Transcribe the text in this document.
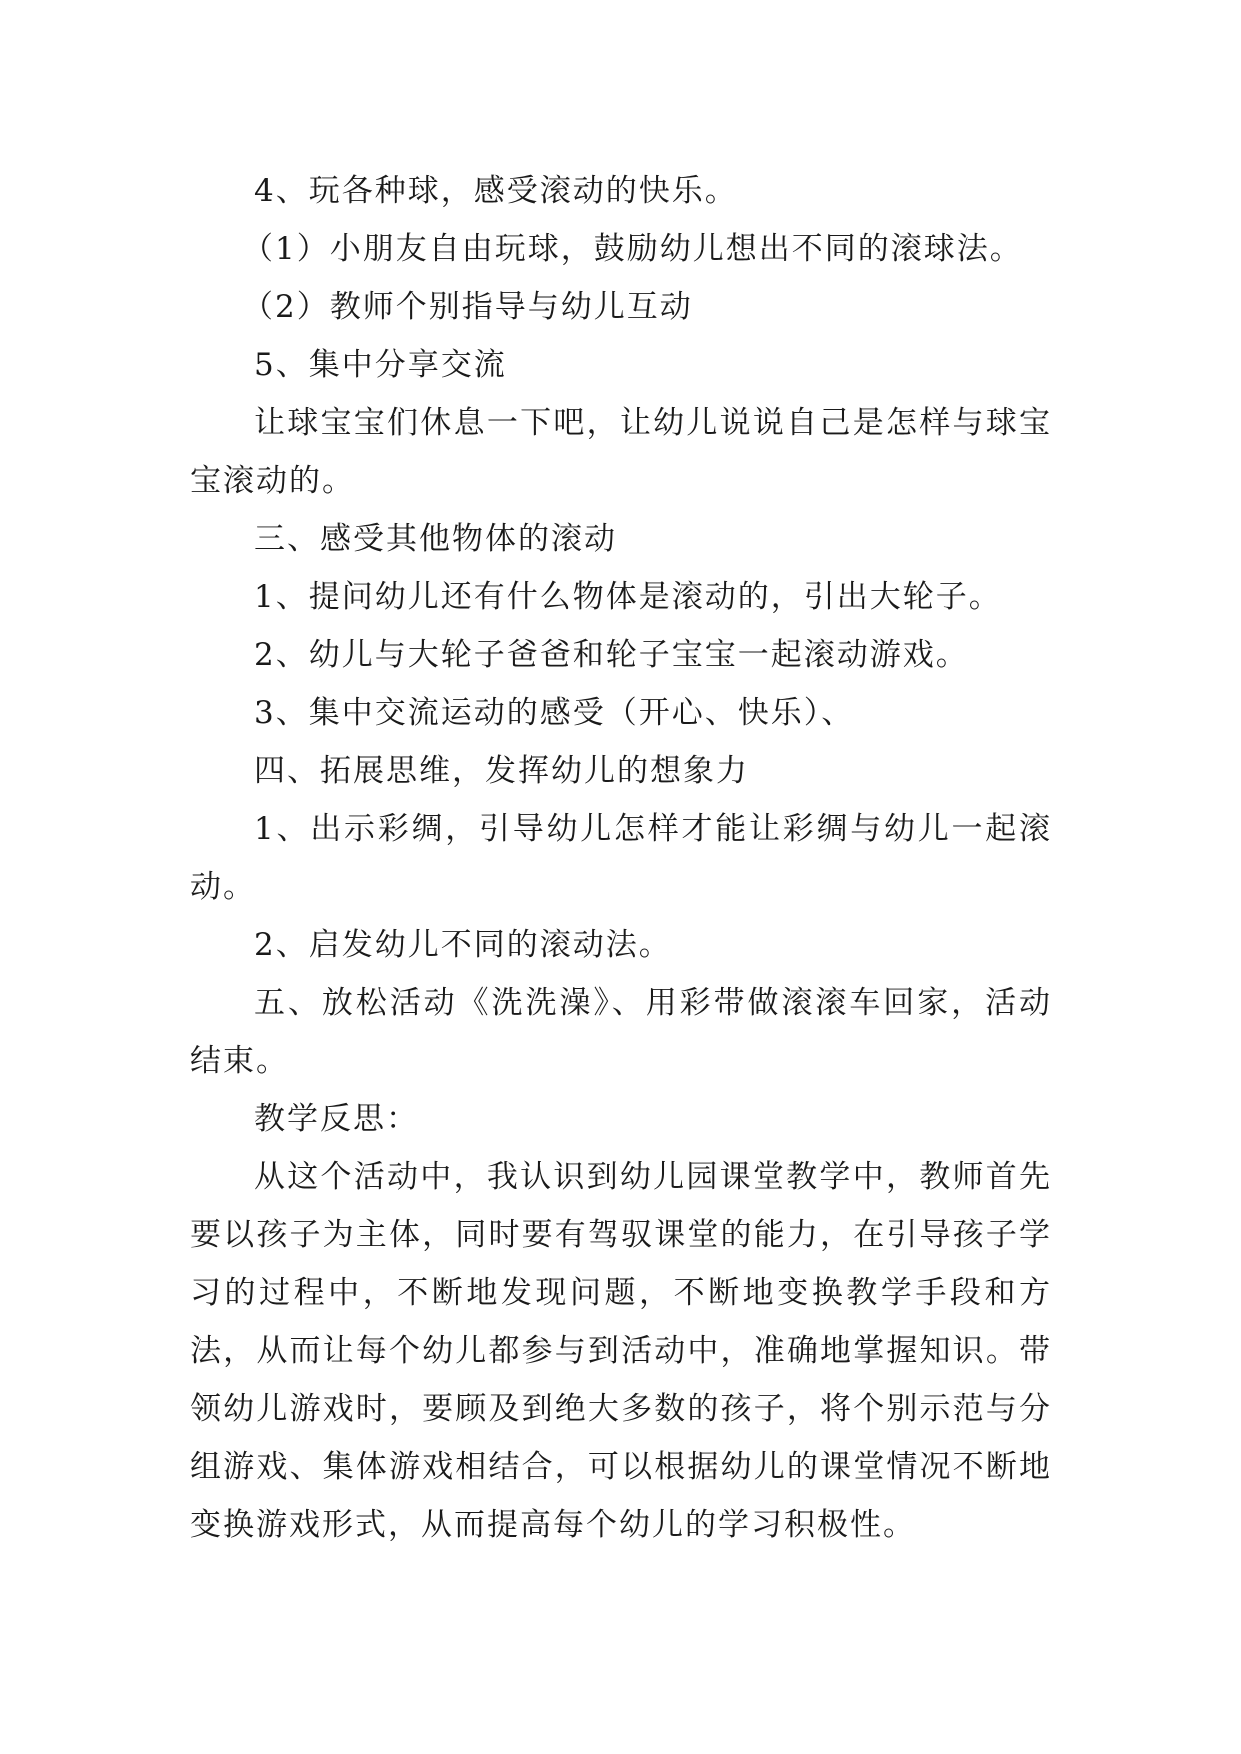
4、玩各种球，感受滚动的快乐。

（1）小朋友自由玩球，鼓励幼儿想出不同的滚球法。

（2）教师个别指导与幼儿互动

5、集中分享交流

让球宝宝们休息一下吧，让幼儿说说自己是怎样与球宝宝滚动的。

三、感受其他物体的滚动

1、提问幼儿还有什么物体是滚动的，引出大轮子。

2、幼儿与大轮子爸爸和轮子宝宝一起滚动游戏。

3、集中交流运动的感受（开心、快乐）、

四、拓展思维，发挥幼儿的想象力

1、出示彩绸，引导幼儿怎样才能让彩绸与幼儿一起滚动。

2、启发幼儿不同的滚动法。

五、放松活动《洗洗澡》、用彩带做滚滚车回家，活动结束。

教学反思：

从这个活动中，我认识到幼儿园课堂教学中，教师首先要以孩子为主体，同时要有驾驭课堂的能力，在引导孩子学习的过程中，不断地发现问题，不断地变换教学手段和方法，从而让每个幼儿都参与到活动中，准确地掌握知识。带领幼儿游戏时，要顾及到绝大多数的孩子，将个别示范与分组游戏、集体游戏相结合，可以根据幼儿的课堂情况不断地变换游戏形式，从而提高每个幼儿的学习积极性。
